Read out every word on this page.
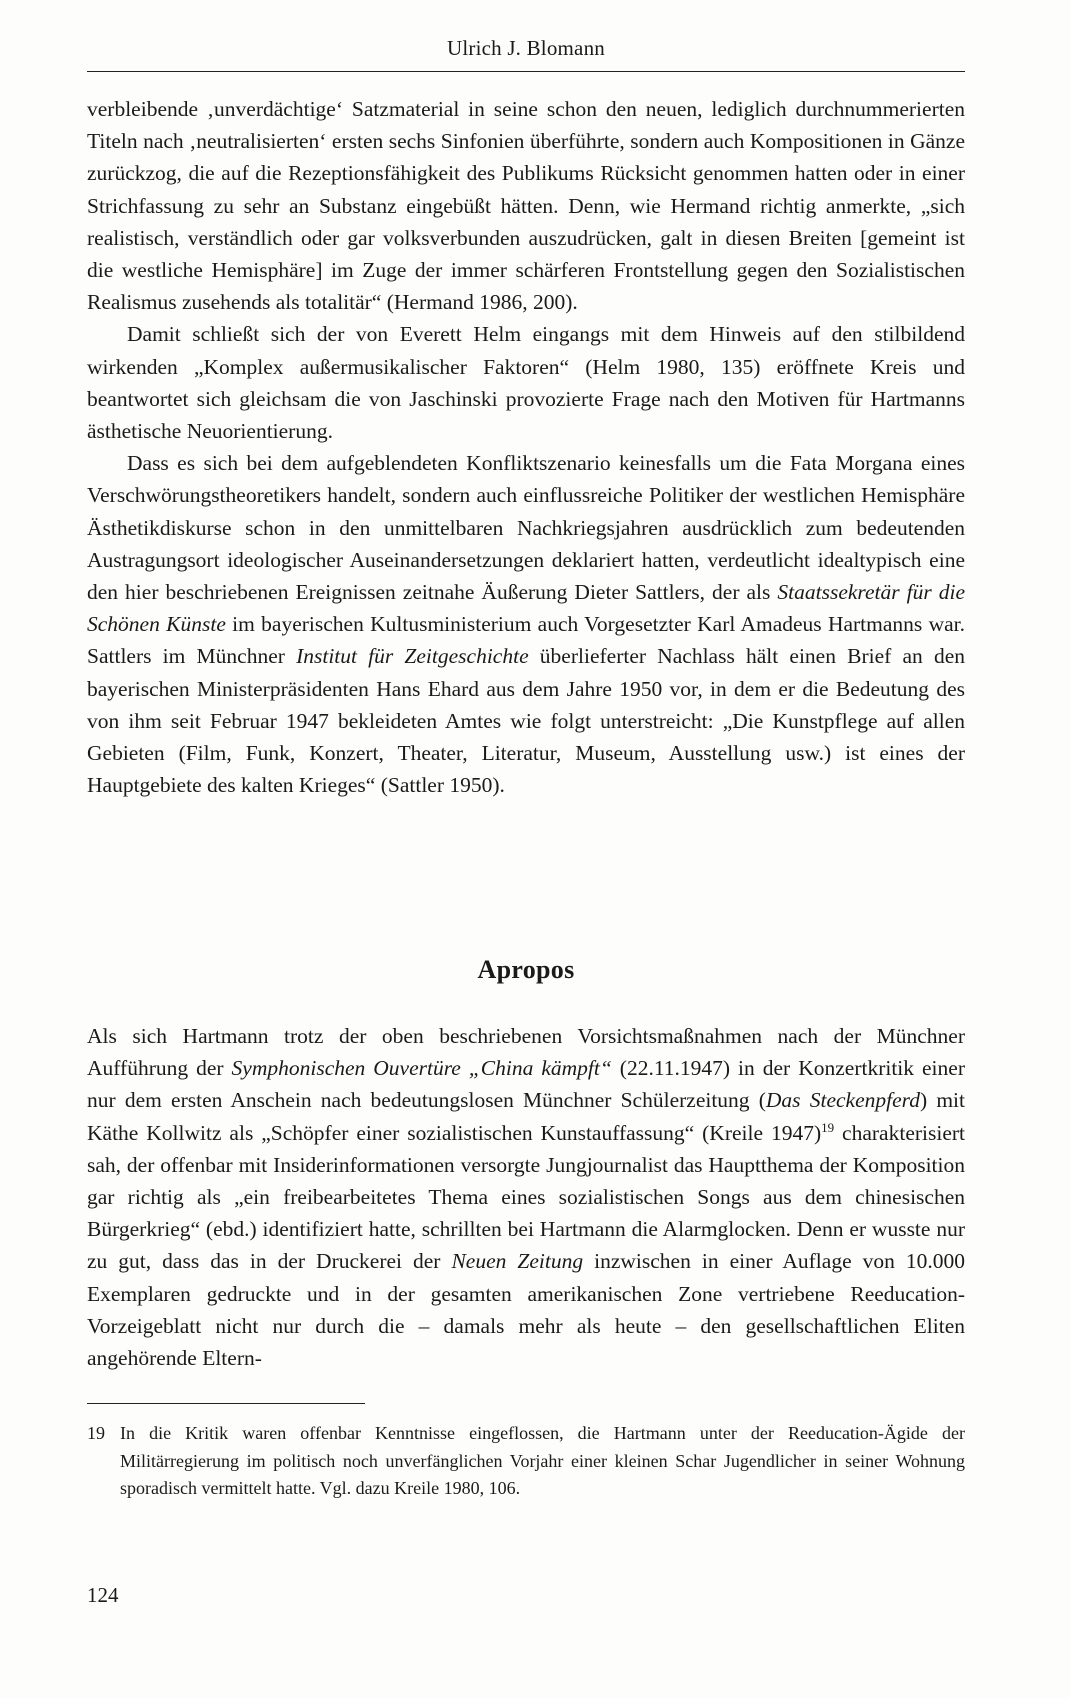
Ulrich J. Blomann

verbleibende ‚unverdächtige‘ Satzmaterial in seine schon den neuen, lediglich durchnummerierten Titeln nach ‚neutralisierten‘ ersten sechs Sinfonien überführte, sondern auch Kompositionen in Gänze zurückzog, die auf die Rezeptionsfähigkeit des Publikums Rücksicht genommen hatten oder in einer Strichfassung zu sehr an Substanz eingebüßt hätten. Denn, wie Hermand richtig anmerkte, „sich realistisch, verständlich oder gar volksverbunden auszudrücken, galt in diesen Breiten [gemeint ist die westliche Hemisphäre] im Zuge der immer schärferen Frontstellung gegen den Sozialistischen Realismus zusehends als totalitär“ (Hermand 1986, 200).

Damit schließt sich der von Everett Helm eingangs mit dem Hinweis auf den stilbildend wirkenden „Komplex außermusikalischer Faktoren“ (Helm 1980, 135) eröffnete Kreis und beantwortet sich gleichsam die von Jaschinski provozierte Frage nach den Motiven für Hartmanns ästhetische Neuorientierung.

Dass es sich bei dem aufgeblendeten Konfliktszenario keinesfalls um die Fata Morgana eines Verschwörungstheoretikers handelt, sondern auch einflussreiche Politiker der westlichen Hemisphäre Ästhetikdiskurse schon in den unmittelbaren Nachkriegsjahren ausdrücklich zum bedeutenden Austragungsort ideologischer Auseinandersetzungen deklariert hatten, verdeutlicht idealtypisch eine den hier beschriebenen Ereignissen zeitnahe Äußerung Dieter Sattlers, der als Staatssekretär für die Schönen Künste im bayerischen Kultusministerium auch Vorgesetzter Karl Amadeus Hartmanns war. Sattlers im Münchner Institut für Zeitgeschichte überlieferter Nachlass hält einen Brief an den bayerischen Ministerpräsidenten Hans Ehard aus dem Jahre 1950 vor, in dem er die Bedeutung des von ihm seit Februar 1947 bekleideten Amtes wie folgt unterstreicht: „Die Kunstpflege auf allen Gebieten (Film, Funk, Konzert, Theater, Literatur, Museum, Ausstellung usw.) ist eines der Hauptgebiete des kalten Krieges“ (Sattler 1950).

Apropos

Als sich Hartmann trotz der oben beschriebenen Vorsichtsmaßnahmen nach der Münchner Aufführung der Symphonischen Ouvertüre „China kämpft“ (22.11.1947) in der Konzertkritik einer nur dem ersten Anschein nach bedeutungslosen Münchner Schülerzeitung (Das Steckenpferd) mit Käthe Kollwitz als „Schöpfer einer sozialistischen Kunstauffassung“ (Kreile 1947)$^{19}$ charakterisiert sah, der offenbar mit Insiderinformationen versorgte Jungjournalist das Hauptthema der Komposition gar richtig als „ein freibearbeitetes Thema eines sozialistischen Songs aus dem chinesischen Bürgerkrieg“ (ebd.) identifiziert hatte, schrillten bei Hartmann die Alarmglocken. Denn er wusste nur zu gut, dass das in der Druckerei der Neuen Zeitung inzwischen in einer Auflage von 10.000 Exemplaren gedruckte und in der gesamten amerikanischen Zone vertriebene Reeducation-Vorzeigeblatt nicht nur durch die – damals mehr als heute – den gesellschaftlichen Eliten angehörende Eltern-

19 In die Kritik waren offenbar Kenntnisse eingeflossen, die Hartmann unter der Reeducation-Ägide der Militärregierung im politisch noch unverfänglichen Vorjahr einer kleinen Schar Jugendlicher in seiner Wohnung sporadisch vermittelt hatte. Vgl. dazu Kreile 1980, 106.
124
